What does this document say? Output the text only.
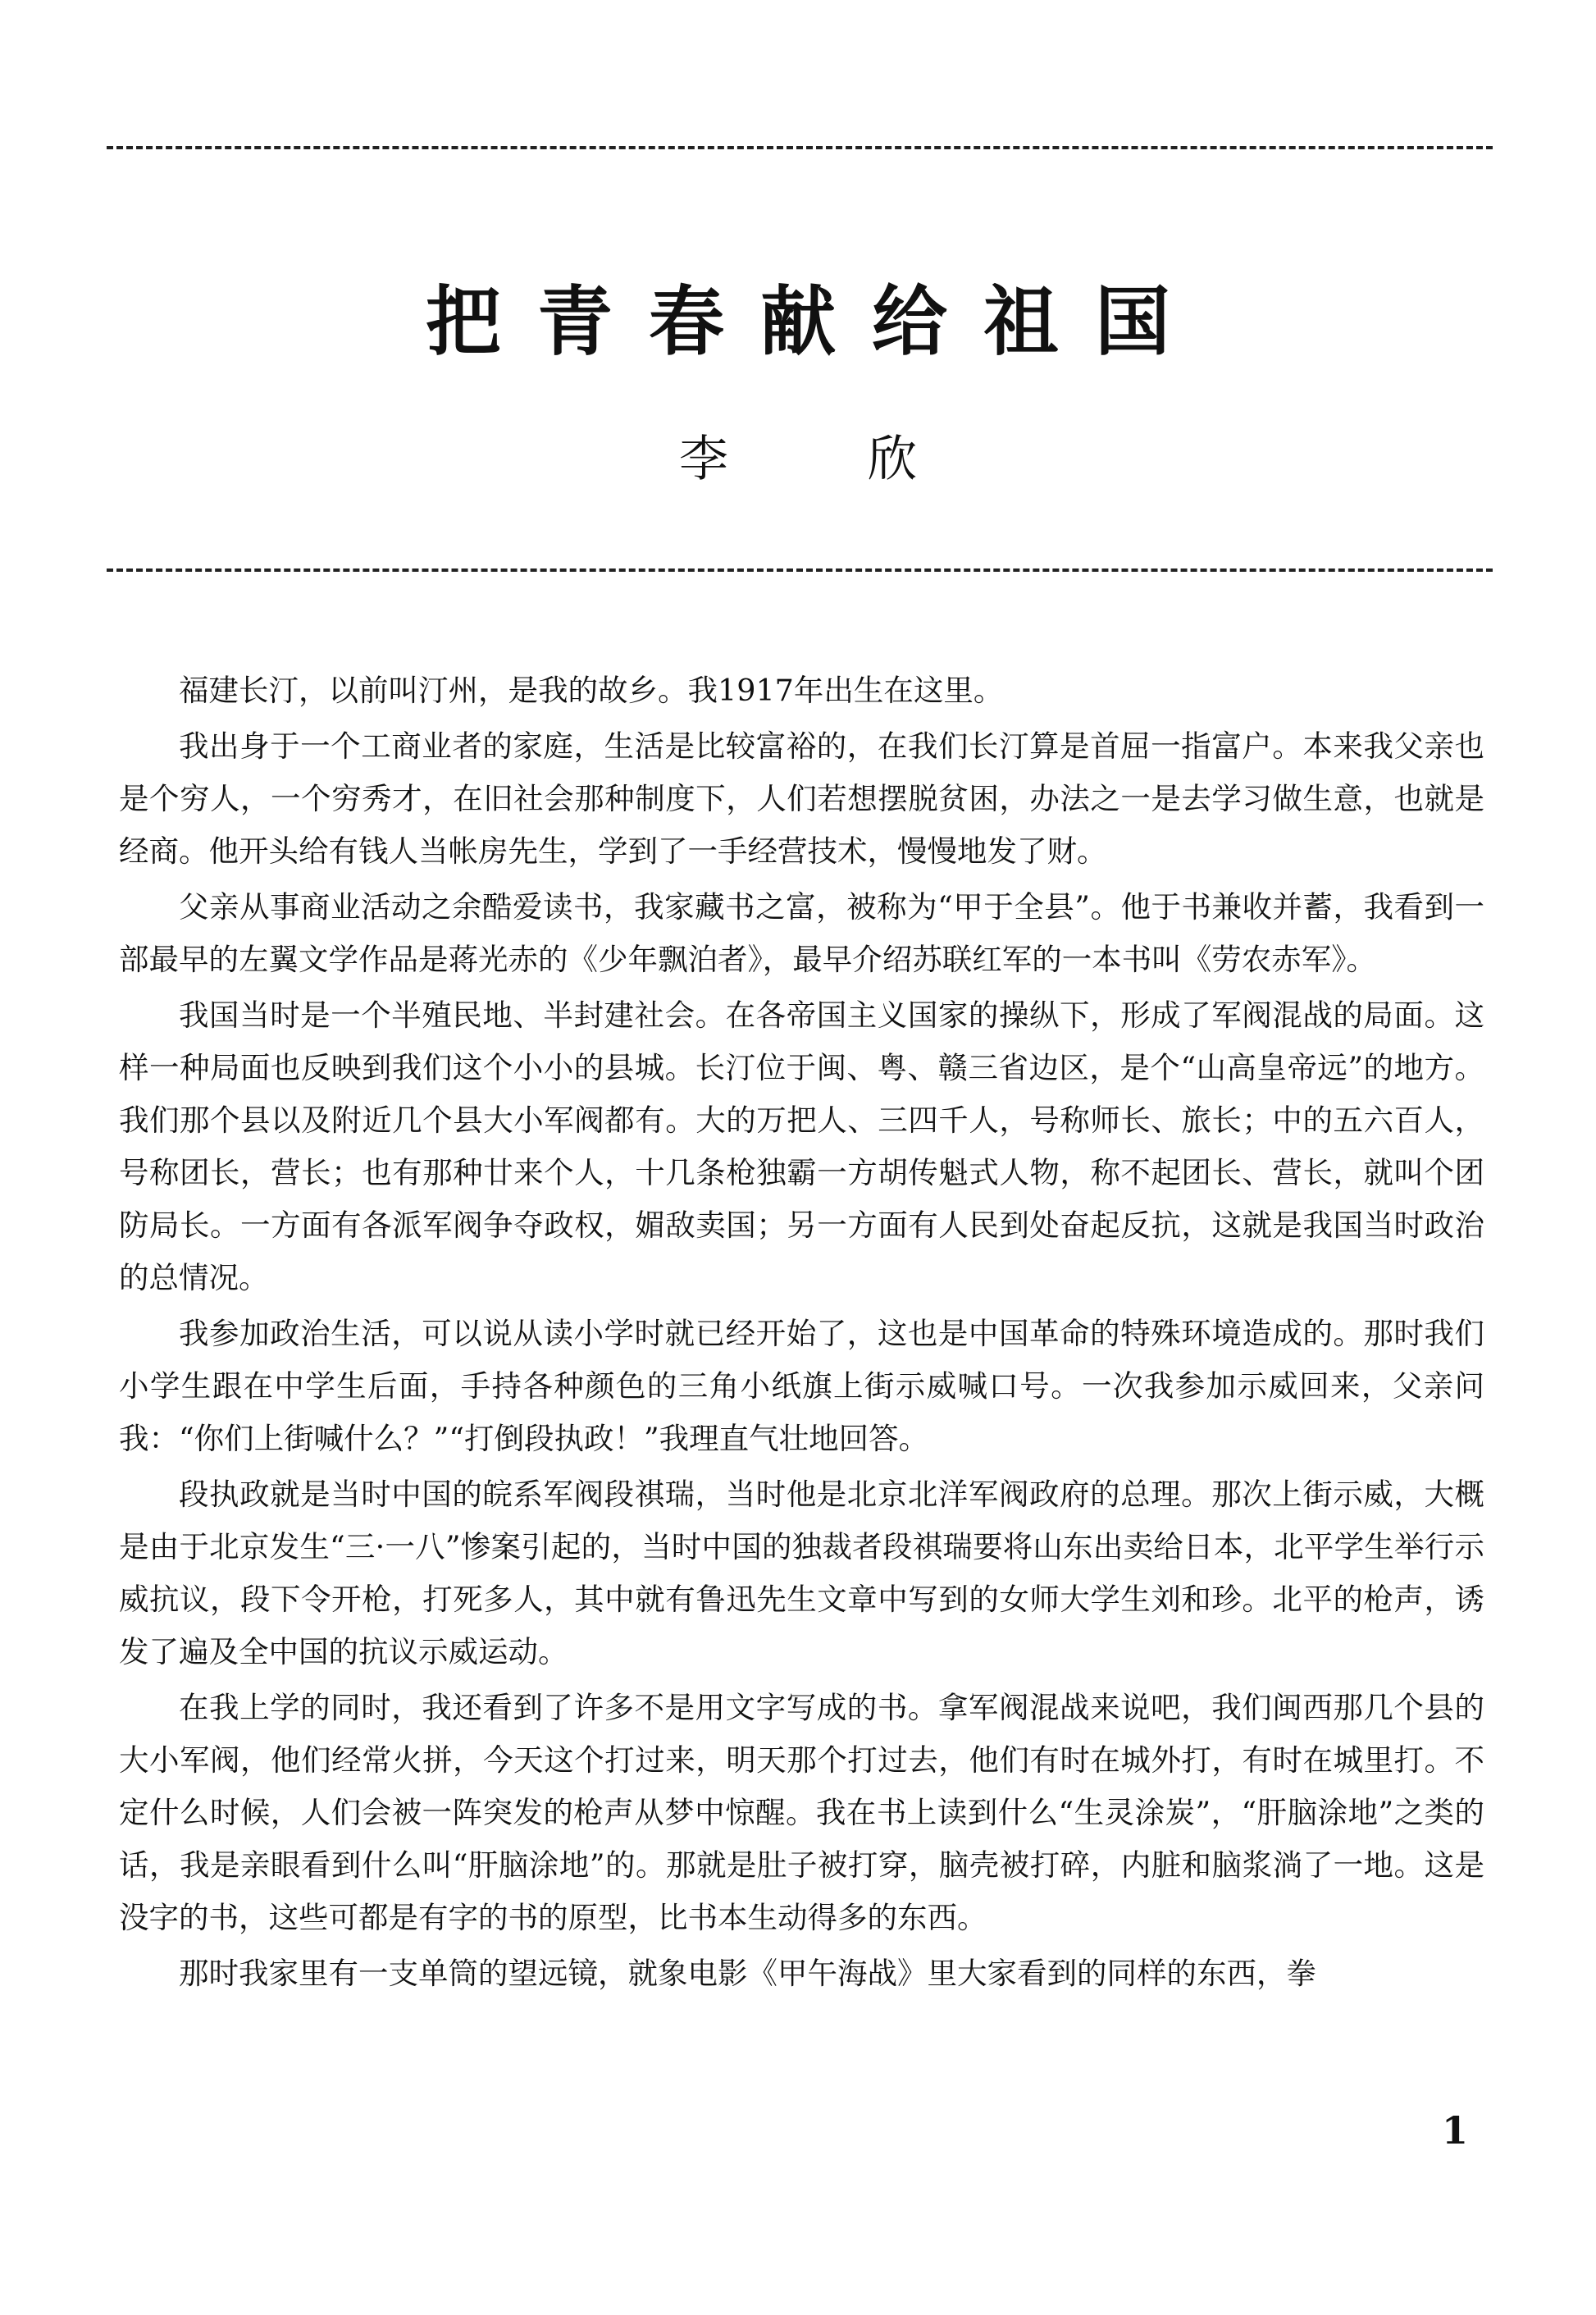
把青春献给祖国
李	欣

福建长汀，以前叫汀州，是我的故乡。我1917年出生在这里。

我出身于一个工商业者的家庭，生活是比较富裕的，在我们长汀算是首屈一指富户。本来我父亲也是个穷人，一个穷秀才，在旧社会那种制度下，人们若想摆脱贫困，办法之一是去学习做生意，也就是经商。他开头给有钱人当帐房先生，学到了一手经营技术，慢慢地发了财。

父亲从事商业活动之余酷爱读书，我家藏书之富，被称为“甲于全县”。他于书兼收并蓄，我看到一部最早的左翼文学作品是蒋光赤的《少年飘泊者》，最早介绍苏联红军的一本书叫《劳农赤军》。

我国当时是一个半殖民地、半封建社会。在各帝国主义国家的操纵下，形成了军阀混战的局面。这样一种局面也反映到我们这个小小的县城。长汀位于闽、粤、赣三省边区，是个“山高皇帝远”的地方。我们那个县以及附近几个县大小军阀都有。大的万把人、三四千人，号称师长、旅长；中的五六百人，号称团长，营长；也有那种廿来个人，十几条枪独霸一方胡传魁式人物，称不起团长、营长，就叫个团防局长。一方面有各派军阀争夺政权，媚敌卖国；另一方面有人民到处奋起反抗，这就是我国当时政治的总情况。

我参加政治生活，可以说从读小学时就已经开始了，这也是中国革命的特殊环境造成的。那时我们小学生跟在中学生后面，手持各种颜色的三角小纸旗上街示威喊口号。一次我参加示威回来，父亲问我：“你们上街喊什么？”“打倒段执政！”我理直气壮地回答。

段执政就是当时中国的皖系军阀段祺瑞，当时他是北京北洋军阀政府的总理。那次上街示威，大概是由于北京发生“三·一八”惨案引起的，当时中国的独裁者段祺瑞要将山东出卖给日本，北平学生举行示威抗议，段下令开枪，打死多人，其中就有鲁迅先生文章中写到的女师大学生刘和珍。北平的枪声，诱发了遍及全中国的抗议示威运动。

在我上学的同时，我还看到了许多不是用文字写成的书。拿军阀混战来说吧，我们闽西那几个县的大小军阀，他们经常火拼，今天这个打过来，明天那个打过去，他们有时在城外打，有时在城里打。不定什么时候，人们会被一阵突发的枪声从梦中惊醒。我在书上读到什么“生灵涂炭”，“肝脑涂地”之类的话，我是亲眼看到什么叫“肝脑涂地”的。那就是肚子被打穿，脑壳被打碎，内脏和脑浆淌了一地。这是没字的书，这些可都是有字的书的原型，比书本生动得多的东西。

那时我家里有一支单筒的望远镜，就象电影《甲午海战》里大家看到的同样的东西，拳

1
